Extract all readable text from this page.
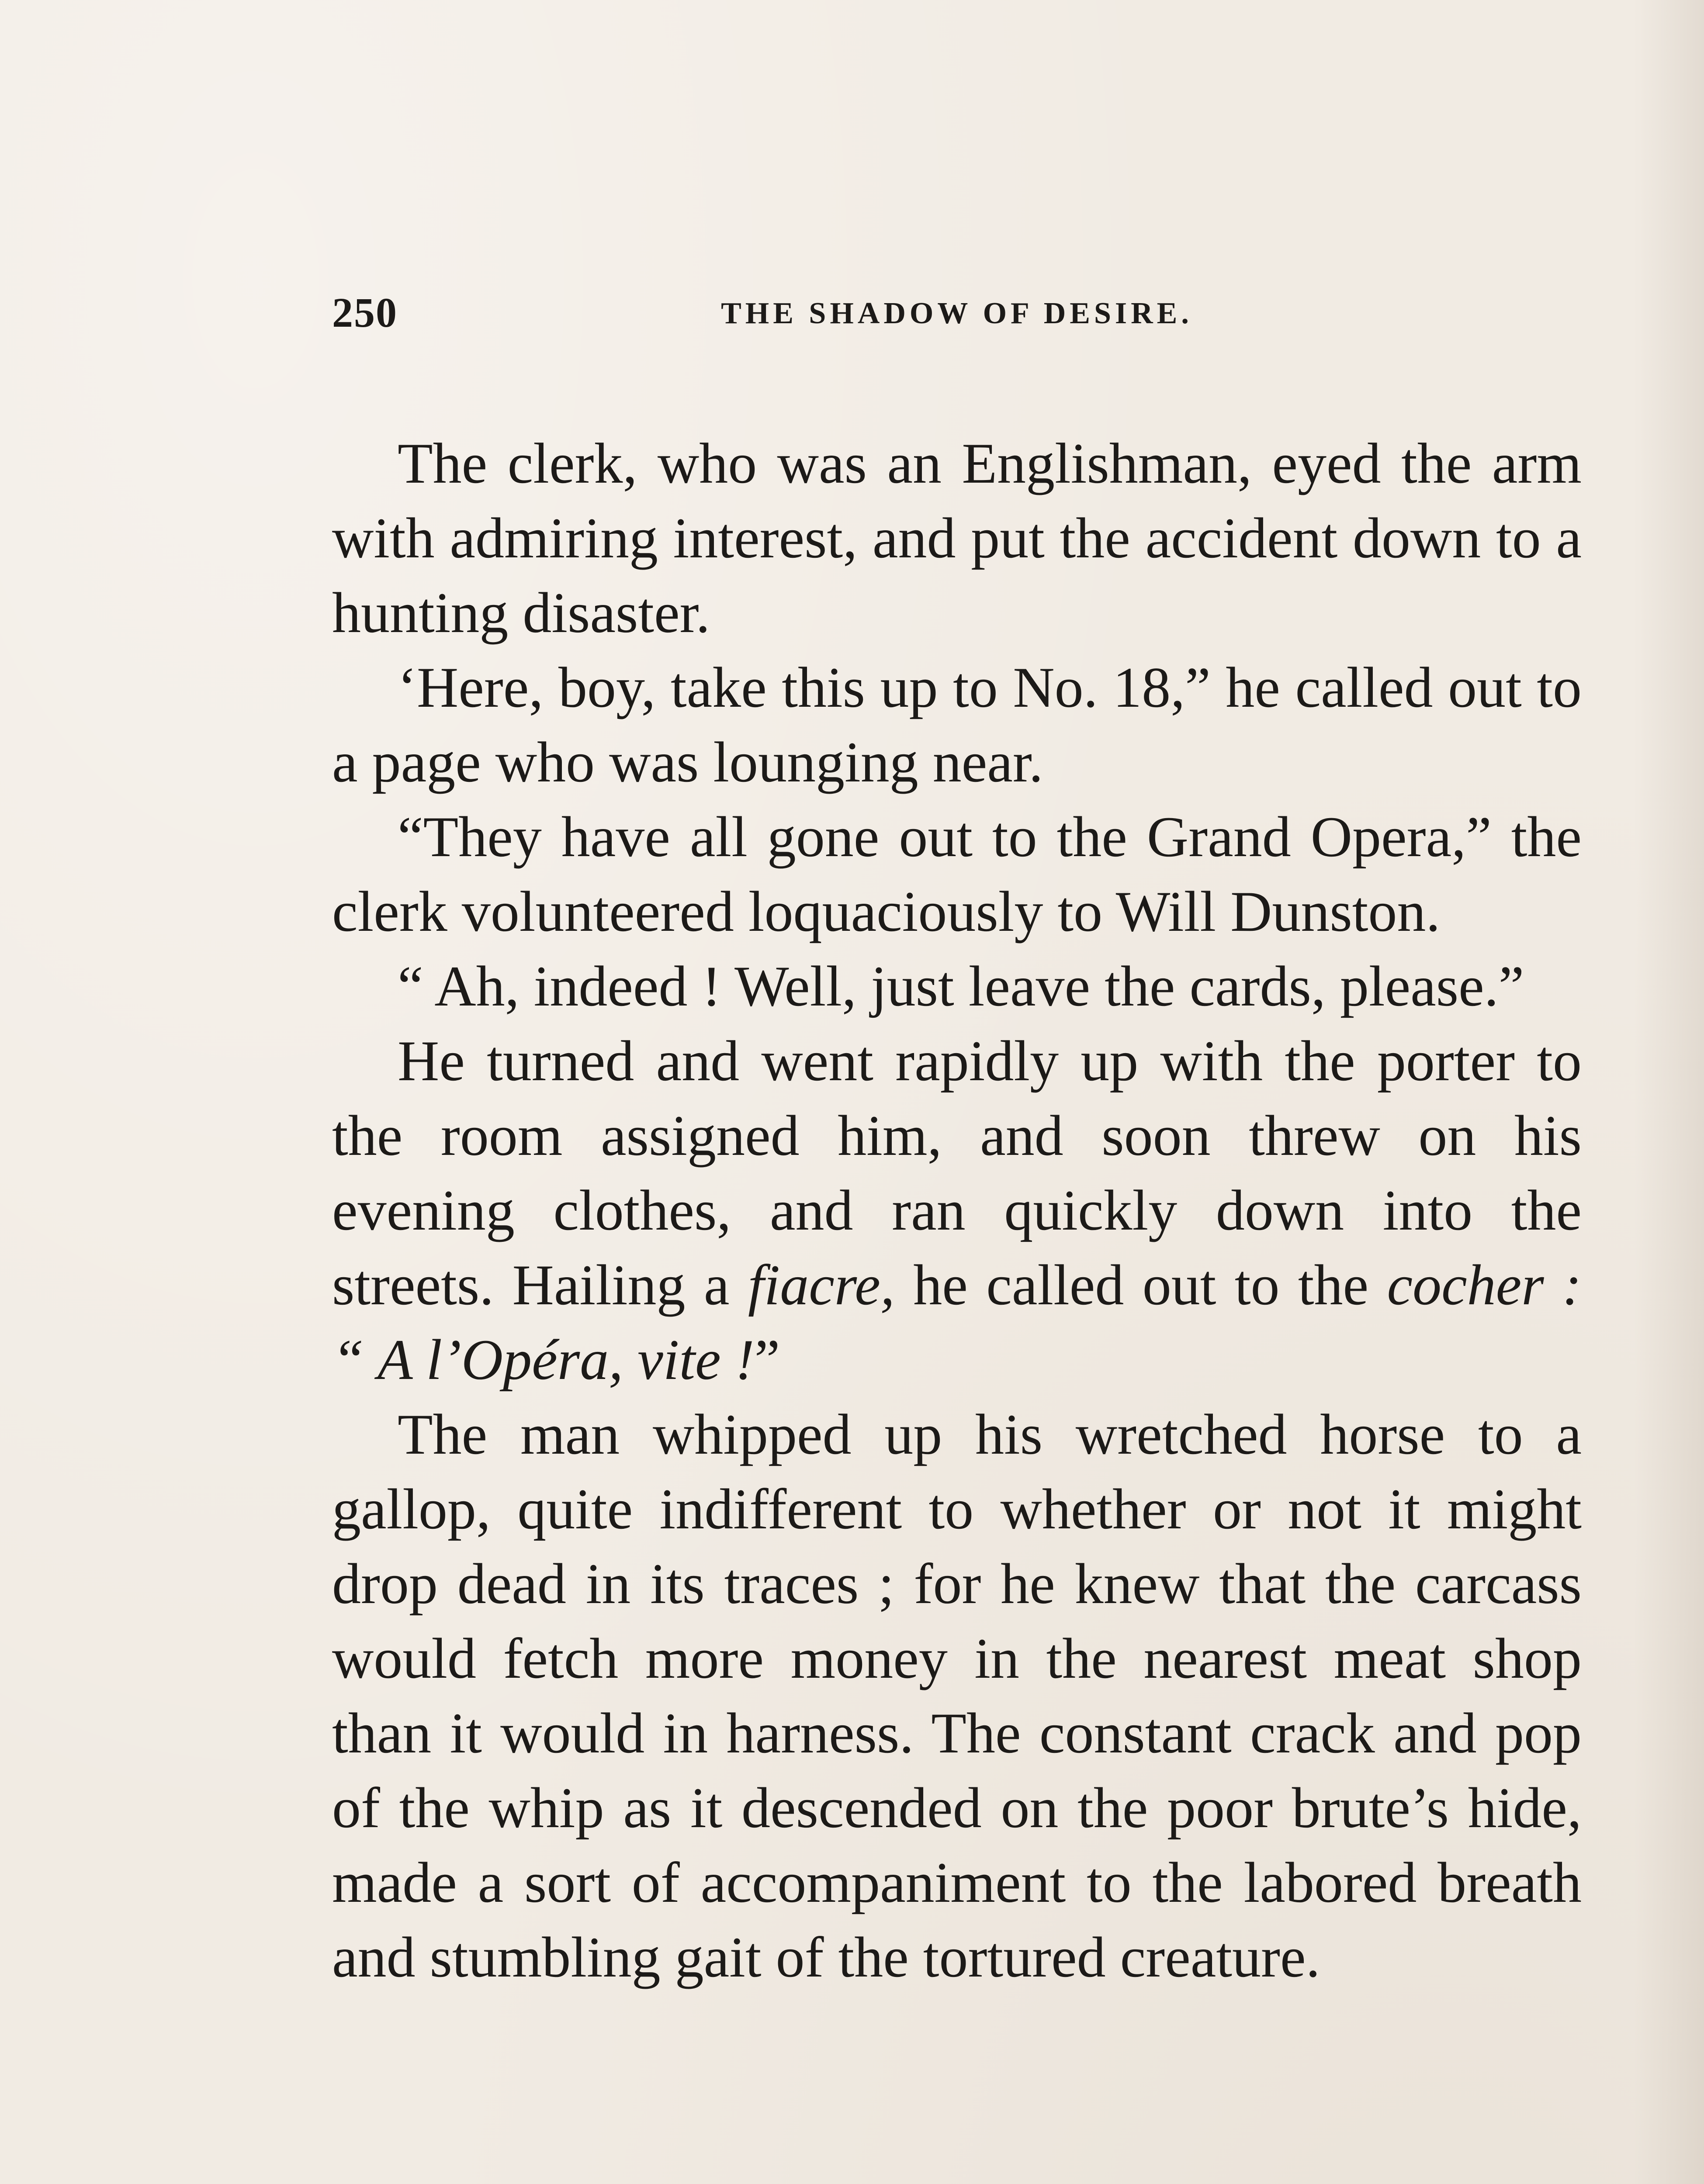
250	THE SHADOW OF DESIRE.

The clerk, who was an Englishman, eyed the arm with admiring interest, and put the accident down to a hunting disaster.

‘Here, boy, take this up to No. 18,” he called out to a page who was lounging near.

“They have all gone out to the Grand Opera,” the clerk volunteered loquaciously to Will Dunston.

“ Ah, indeed ! Well, just leave the cards, please.”

He turned and went rapidly up with the porter to the room assigned him, and soon threw on his evening clothes, and ran quickly down into the streets. Hailing a fiacre, he called out to the cocher : “ A l’Opéra, vite !”

The man whipped up his wretched horse to a gallop, quite indifferent to whether or not it might drop dead in its traces ; for he knew that the carcass would fetch more money in the nearest meat shop than it would in harness. The constant crack and pop of the whip as it descended on the poor brute’s hide, made a sort of accompaniment to the labored breath and stumbling gait of the tortured creature.
